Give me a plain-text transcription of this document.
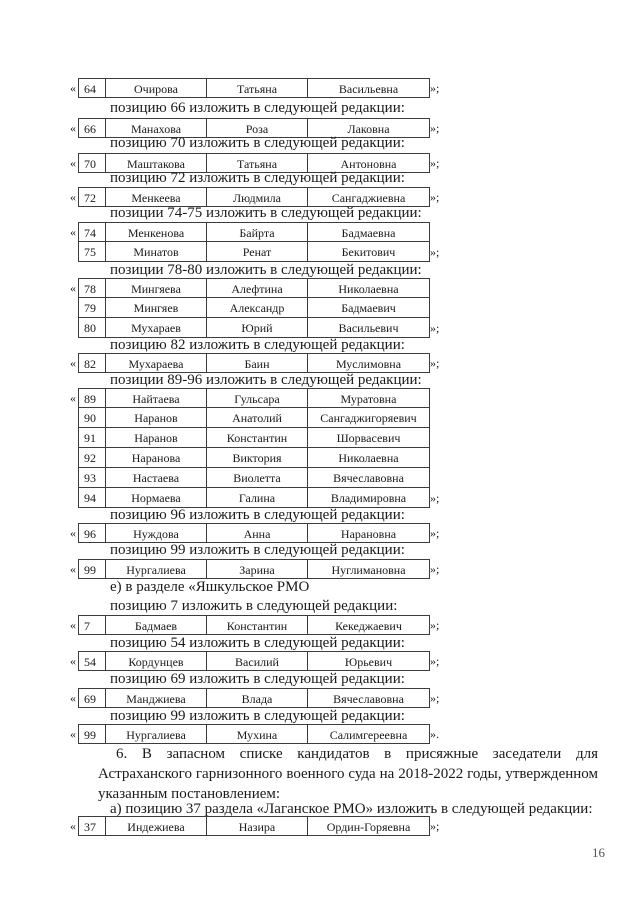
« 64	Очирова	Татьяна	Васильевна	»;
позицию 66 изложить в следующей редакции:
« 66	Манахова	Роза	Лаковна	»;
позицию 70 изложить в следующей редакции:
« 70	Маштакова	Татьяна	Антоновна	»;
позицию 72 изложить в следующей редакции:
« 72	Менкеева	Людмила	Сангаджиевна	»;
позиции 74-75 изложить в следующей редакции:
« 74	Менкенова	Байрта	Бадмаевна
75	Минатов	Ренат	Бекитович	»;
позиции 78-80 изложить в следующей редакции:
« 78	Мингяева	Алефтина	Николаевна
79	Мингяев	Александр	Бадмаевич
80	Мухараев	Юрий	Васильевич	»;
позицию 82 изложить в следующей редакции:
« 82	Мухараева	Баин	Муслимовна	»;
позиции 89-96 изложить в следующей редакции:
« 89	Найтаева	Гульсара	Муратовна
90	Наранов	Анатолий	Сангаджигоряевич
91	Наранов	Константин	Шорвасевич
92	Наранова	Виктория	Николаевна
93	Настаева	Виолетта	Вячеславовна
94	Нормаева	Галина	Владимировна	»;
позицию 96 изложить в следующей редакции:
« 96	Нуждова	Анна	Нарановна	»;
позицию 99 изложить в следующей редакции:
« 99	Нургалиева	Зарина	Нуглимановна	»;
е) в разделе «Яшкульское РМО
позицию 7 изложить в следующей редакции:
« 7	Бадмаев	Константин	Кекеджаевич	»;
позицию 54 изложить в следующей редакции:
« 54	Кордунцев	Василий	Юрьевич	»;
позицию 69 изложить в следующей редакции:
« 69	Манджиева	Влада	Вячеславовна	»;
позицию 99 изложить в следующей редакции:
« 99	Нургалиева	Мухина	Салимгереевна	».
6. В запасном списке кандидатов в присяжные заседатели для Астраханского гарнизонного военного суда на 2018-2022 годы, утвержденном указанным постановлением:
а) позицию 37 раздела «Лаганское РМО» изложить в следующей редакции:
« 37	Индежиева	Назира	Ордин-Горяевна	»;
16
